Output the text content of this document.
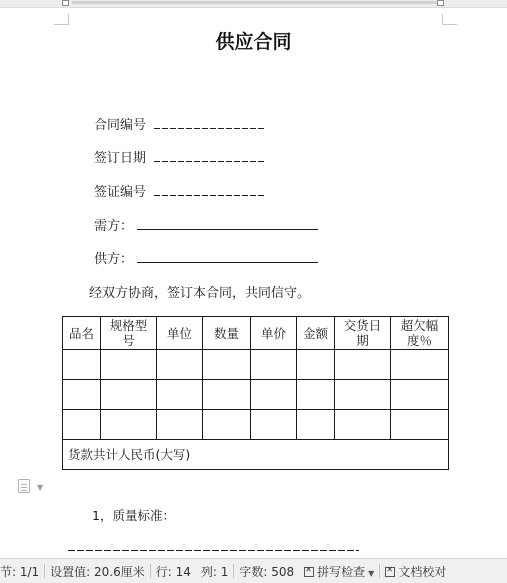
供应合同
合同编号
签订日期
签证编号
需方：
供方：
经双方协商，签订本合同，共同信守。
品名	规格型号	单位	数量	单价	金额	交货日期	超欠幅度％

货款共计人民币(大写)							
▼
1，质量标准：
节: 1/1 设置值: 20.6厘米 行: 14 列: 1 字数: 508 ✕	拼写检查 ▼ ✕	文档校对
